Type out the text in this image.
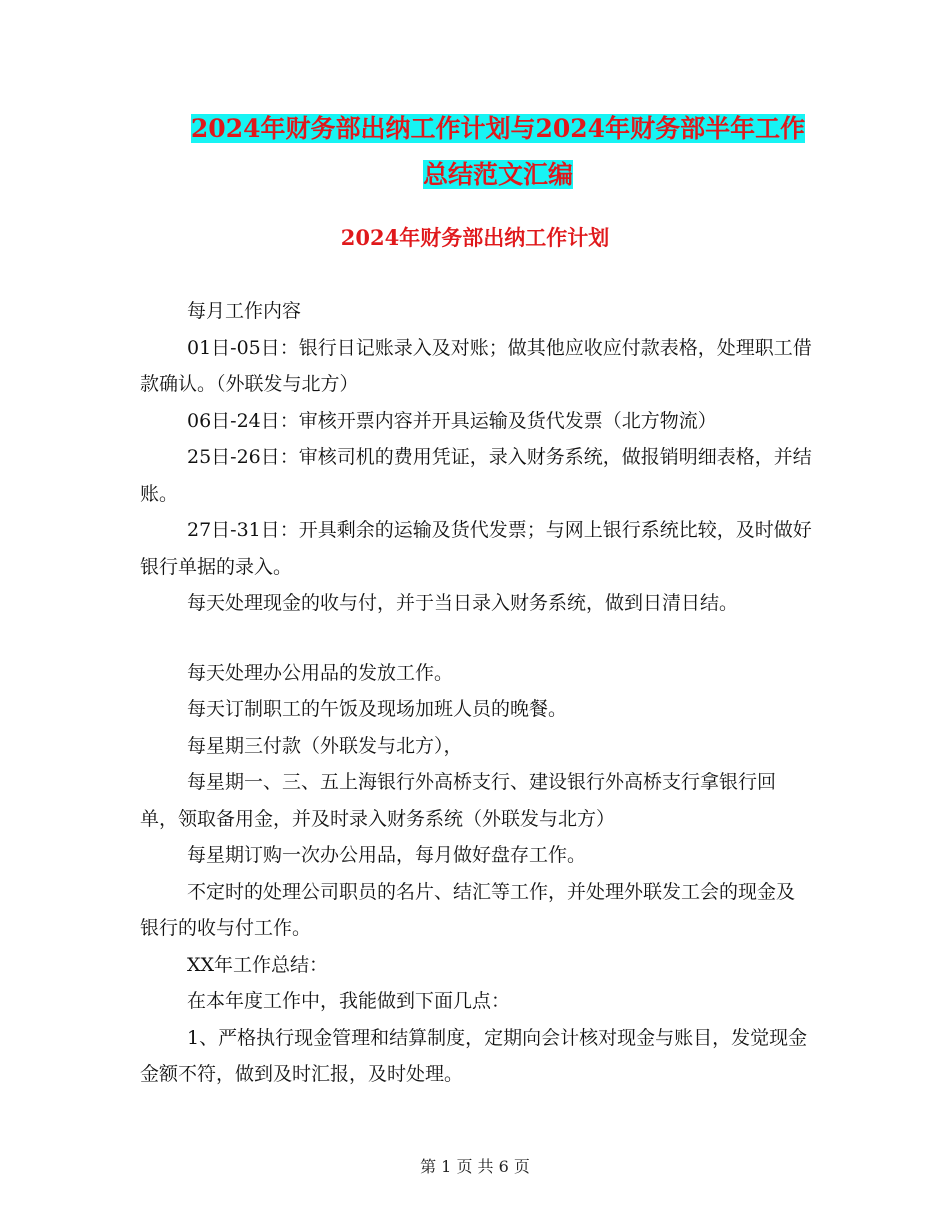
2024年财务部出纳工作计划与2024年财务部半年工作
总结范文汇编
2024年财务部出纳工作计划

每月工作内容

01日-05日：银行日记账录入及对账；做其他应收应付款表格，处理职工借款确认。（外联发与北方）

06日-24日：审核开票内容并开具运输及货代发票（北方物流）

25日-26日：审核司机的费用凭证，录入财务系统，做报销明细表格，并结账。

27日-31日：开具剩余的运输及货代发票；与网上银行系统比较，及时做好银行单据的录入。

每天处理现金的收与付，并于当日录入财务系统，做到日清日结。

每天处理办公用品的发放工作。

每天订制职工的午饭及现场加班人员的晚餐。

每星期三付款（外联发与北方），

每星期一、三、五上海银行外高桥支行、建设银行外高桥支行拿银行回单，领取备用金，并及时录入财务系统（外联发与北方）

每星期订购一次办公用品，每月做好盘存工作。

不定时的处理公司职员的名片、结汇等工作，并处理外联发工会的现金及银行的收与付工作。

XX年工作总结：

在本年度工作中，我能做到下面几点：

1、严格执行现金管理和结算制度，定期向会计核对现金与账目，发觉现金金额不符，做到及时汇报，及时处理。

第 1 页 共 6 页
